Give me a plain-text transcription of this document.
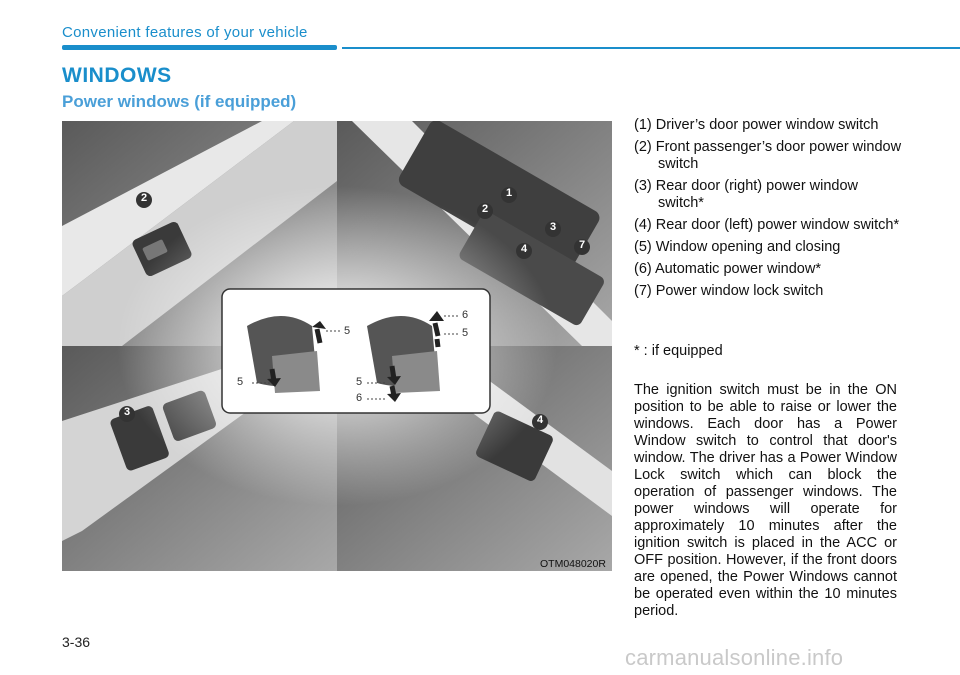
Convenient features of your vehicle
WINDOWS
Power windows (if equipped)
2	1
2
3
4	7
3
4
5
5
6
5
5
6
OTM048020R
(1) Driver’s door power window switch
(2) Front passenger’s door power window switch
(3) Rear door (right) power window switch*
(4) Rear door (left) power window switch*
(5) Window opening and closing
(6) Automatic power window*
(7) Power window lock switch
* : if equipped

The ignition switch must be in the ON position to be able to raise or lower the windows. Each door has a Power Window switch to control that door's window. The driver has a Power Window Lock switch which can block the operation of passenger windows. The power windows will operate for approximately 10 minutes after the ignition switch is placed in the ACC or OFF position. However, if the front doors are opened, the Power Windows cannot be operated even within the 10 minutes period.

3-36
carmanualsonline.info
